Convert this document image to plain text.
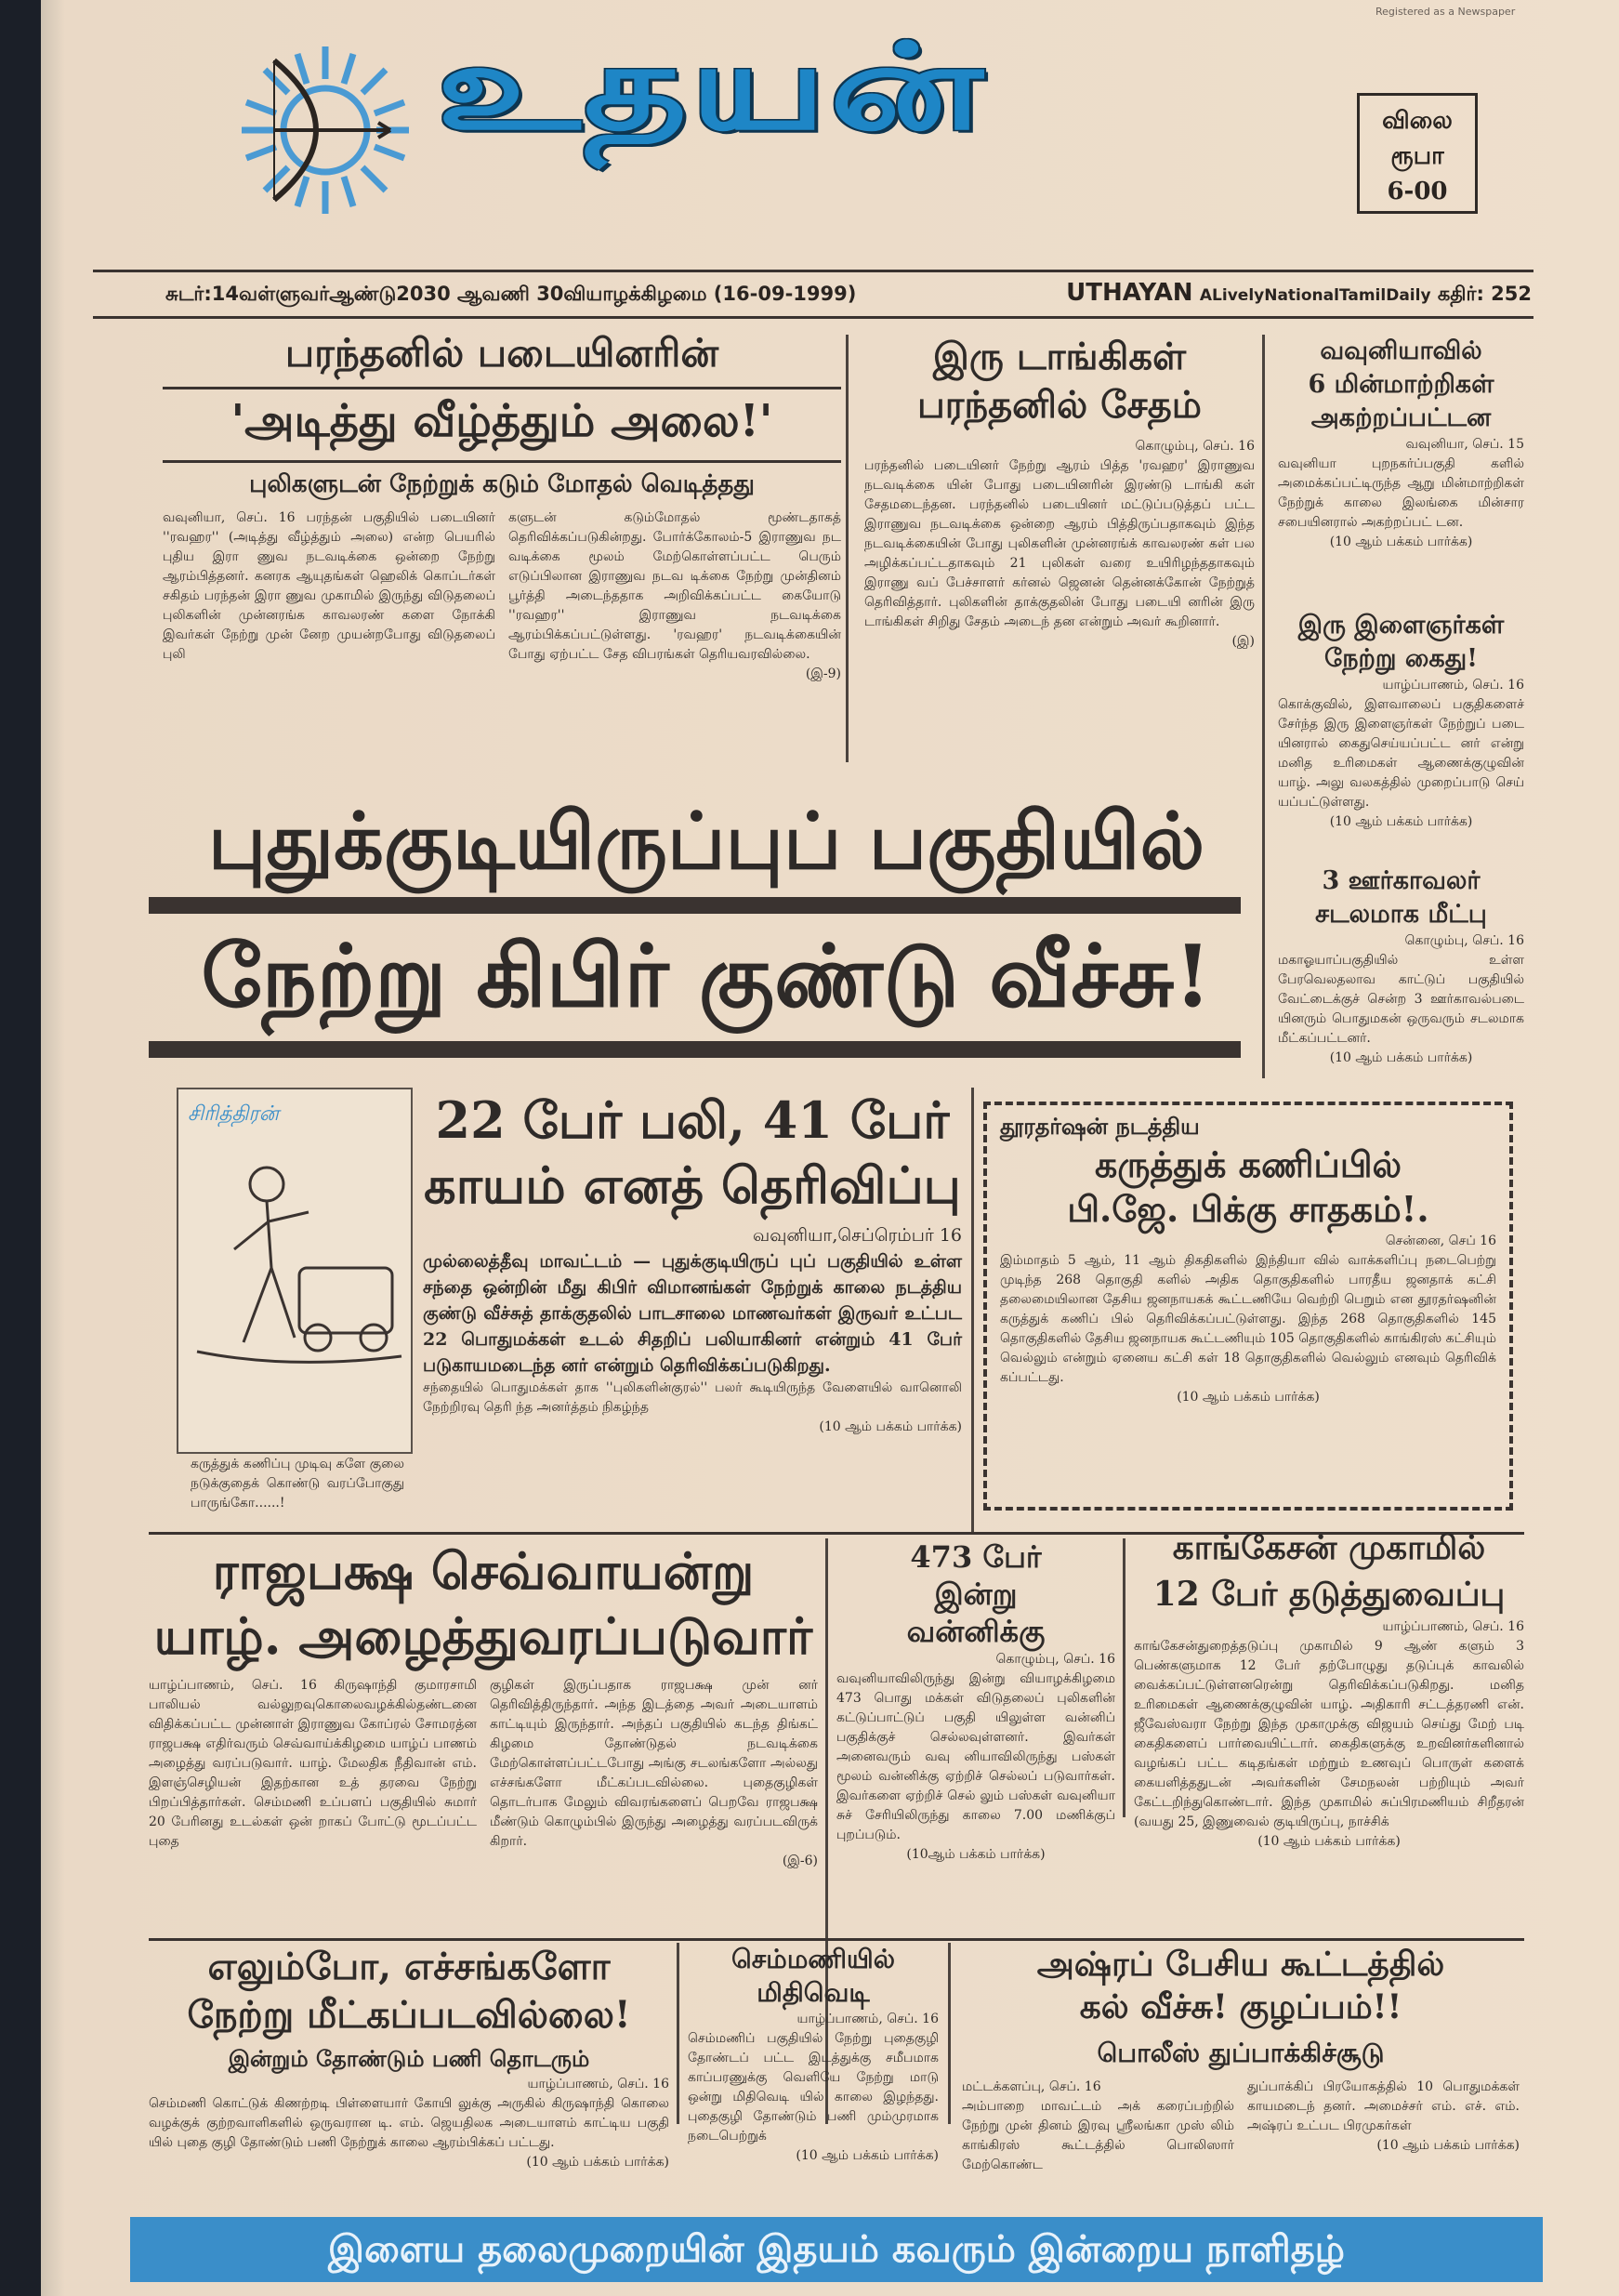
Registered as a Newspaper
உதயன்	விலை
ரூபா
6-00
சுடர்:14வள்ளுவர்ஆண்டு2030 ஆவணி 30வியாழக்கிழமை (16-09-1999)	UTHAYAN ALivelyNationalTamilDaily கதிர்: 252
பரந்தனில் படையினரின்
'அடித்து வீழ்த்தும் அலை!'
புலிகளுடன் நேற்றுக் கடும் மோதல் வெடித்தது
வவுனியா, செப். 16 பரந்தன் பகுதியில் படையினர் ''ரவஹர'' (அடித்து வீழ்த்தும் அலை) என்ற பெயரில் புதிய இரா ணுவ நடவடிக்கை ஒன்றை நேற்று ஆரம்பித்தனர். கனரக ஆயுதங்கள் ஹெலிக் கொப்டர்கள் சகிதம் பரந்தன் இரா ணுவ முகாமில் இருந்து விடுதலைப் புலிகளின் முன்னரங்க காவலரண் களை நோக்கி இவர்கள் நேற்று முன் னேற முயன்றபோது விடுதலைப் புலி
களுடன் கடும்மோதல் மூண்டதாகத் தெரிவிக்கப்படுகின்றது. போர்க்கோலம்-5 இராணுவ நட வடிக்கை மூலம் மேற்கொள்ளப்பட்ட பெரும் எடுப்பிலான இராணுவ நடவ டிக்கை நேற்று முன்தினம் பூர்த்தி அடைந்ததாக அறிவிக்கப்பட்ட கையோடு ''ரவஹர'' இராணுவ நடவடிக்கை ஆரம்பிக்கப்பட்டுள்ளது. 'ரவஹர' நடவடிக்கையின் போது ஏற்பட்ட சேத விபரங்கள் தெரியவரவில்லை.
(இ-9)
இரு டாங்கிகள்
பரந்தனில் சேதம்
கொழும்பு, செப். 16
பரந்தனில் படையினர் நேற்று ஆரம் பித்த 'ரவஹர' இராணுவ நடவடிக்கை யின் போது படையினரின் இரண்டு டாங்கி கள் சேதமடைந்தன. பரந்தனில் படையினர் மட்டுப்படுத்தப் பட்ட இராணுவ நடவடிக்கை ஒன்றை ஆரம் பித்திருப்பதாகவும் இந்த நடவடிக்கையின் போது புலிகளின் முன்னரங்க் காவலரண் கள் பல அழிக்கப்பட்டதாகவும் 21 புலிகள் வரை உயிரிழந்ததாகவும் இராணு வப் பேச்சாளர் கர்னல் ஜெனன் தென்னக்கோன் நேற்றுத் தெரிவித்தார். புலிகளின் தாக்குதலின் போது படையி னரின் இரு டாங்கிகள் சிறிது சேதம் அடைந் தன என்றும் அவர் கூறினார்.
(இ)
வவுனியாவில்
6 மின்மாற்றிகள்
அகற்றப்பட்டன
வவுனியா, செப். 15
வவுனியா புறநகர்ப்பகுதி களில் அமைக்கப்பட்டிருந்த ஆறு மின்மாற்றிகள் நேற்றுக் காலை இலங்கை மின்சார சபையினரால் அகற்றப்பட் டன.
(10 ஆம் பக்கம் பார்க்க)
இரு இளைஞர்கள்
நேற்று கைது!
யாழ்ப்பாணம், செப். 16
கொக்குவில், இளவாலைப் பகுதிகளைச் சேர்ந்த இரு இளைஞர்கள் நேற்றுப் படை யினரால் கைதுசெய்யப்பட்ட னர் என்று மனித உரிமைகள் ஆணைக்குழுவின் யாழ். அலு வலகத்தில் முறைப்பாடு செய் யப்பட்டுள்ளது.
(10 ஆம் பக்கம் பார்க்க)
3 ஊர்காவலர்
சடலமாக மீட்பு
கொழும்பு, செப். 16
மகாஓயாப்பகுதியில் உள்ள பேரவெலதலாவ காட்டுப் பகுதியில் வேட்டைக்குச் சென்ற 3 ஊர்காவல்படை யினரும் பொதுமகன் ஒருவரும் சடலமாக மீட்கப்பட்டனர்.
(10 ஆம் பக்கம் பார்க்க)
புதுக்குடியிருப்புப் பகுதியில்
நேற்று கிபிர் குண்டு வீச்சு!
சிரித்திரன்
கருத்துக் கணிப்பு முடிவு களே குலை நடுக்குதைக் கொண்டு வரப்போகுது பாருங்கோ......!
22 பேர் பலி, 41 பேர்
காயம் எனத் தெரிவிப்பு
வவுனியா,செப்ரெம்பர் 16
முல்லைத்தீவு மாவட்டம் — புதுக்குடியிருப் புப் பகுதியில் உள்ள சந்தை ஒன்றின் மீது கிபிர் விமானங்கள் நேற்றுக் காலை நடத்திய குண்டு வீச்சுத் தாக்குதலில் பாடசாலை மாணவர்கள் இருவர் உட்பட 22 பொதுமக்கள் உடல் சிதறிப் பலியாகினர் என்றும் 41 பேர் படுகாயமடைந்த னர் என்றும் தெரிவிக்கப்படுகிறது.
சந்தையில் பொதுமக்கள் தாக ''புலிகளின்குரல்'' பலர் கூடியிருந்த வேளையில் வானொலி நேற்றிரவு தெரி ந்த அனர்த்தம் நிகழ்ந்த
(10 ஆம் பக்கம் பார்க்க)
தூரதர்ஷன் நடத்திய
கருத்துக் கணிப்பில்
பி.ஜே. பிக்கு சாதகம்!.
சென்னை, செப் 16
இம்மாதம் 5 ஆம், 11 ஆம் திகதிகளில் இந்தியா வில் வாக்களிப்பு நடைபெற்று முடிந்த 268 தொகுதி களில் அதிக தொகுதிகளில் பாரதீய ஜனதாக் கட்சி தலைமையிலான தேசிய ஜனநாயகக் கூட்டணியே வெற்றி பெறும் என தூரதர்ஷனின் கருத்துக் கணிப் பில் தெரிவிக்கப்பட்டுள்ளது. இந்த 268 தொகுதிகளில் 145 தொகுதிகளில் தேசிய ஜனநாயக கூட்டணியும் 105 தொகுதிகளில் காங்கிரஸ் கட்சியும் வெல்லும் என்றும் ஏனைய கட்சி கள் 18 தொகுதிகளில் வெல்லும் எனவும் தெரிவிக் கப்பட்டது.
(10 ஆம் பக்கம் பார்க்க)
ராஜபக்ஷ செவ்வாயன்று
யாழ். அழைத்துவரப்படுவார்
யாழ்ப்பாணம், செப். 16 கிருஷாந்தி குமாரசாமி பாலியல் வல்லுறவுகொலைவழக்கில்தண்டனை விதிக்கப்பட்ட முன்னாள் இராணுவ கோப்ரல் சோமரத்ன ராஜபக்ஷ எதிர்வரும் செவ்வாய்க்கிழமை யாழ்ப் பாணம் அழைத்து வரப்படுவார். யாழ். மேலதிக நீதிவான் எம். இளஞ்செழியன் இதற்கான உத் தரவை நேற்று பிறப்பித்தார்கள். செம்மணி உப்பளப் பகுதியில் சுமார் 20 பேரினது உடல்கள் ஒன் றாகப் போட்டு மூடப்பட்ட புதை
குழிகள் இருப்பதாக ராஜபக்ஷ முன் னர் தெரிவித்திருந்தார். அந்த இடத்தை அவர் அடையாளம் காட்டியும் இருந்தார். அந்தப் பகுதியில் கடந்த திங்கட் கிழமை தோண்டுதல் நடவடிக்கை மேற்கொள்ளப்பட்டபோது அங்கு சடலங்களோ அல்லது எச்சங்களோ மீட்கப்படவில்லை. புதைகுழிகள் தொடர்பாக மேலும் விவரங்களைப் பெறவே ராஜபக்ஷ மீண்டும் கொழும்பில் இருந்து அழைத்து வரப்படவிருக் கிறார்.
(இ-6)
473 பேர்
இன்று
வன்னிக்கு
கொழும்பு, செப். 16
வவுனியாவிலிருந்து இன்று வியாழக்கிழமை 473 பொது மக்கள் விடுதலைப் புலிகளின் கட்டுப்பாட்டுப் பகுதி யிலுள்ள வன்னிப் பகுதிக்குச் செல்லவுள்ளனர். இவர்கள் அனைவரும் வவு னியாவிலிருந்து பஸ்கள் மூலம் வன்னிக்கு ஏற்றிச் செல்லப் படுவார்கள். இவர்களை ஏற்றிச் செல் லும் பஸ்கள் வவுனியா சுச் சேரியிலிருந்து காலை 7.00 மணிக்குப் புறப்படும்.
(10ஆம் பக்கம் பார்க்க)
காங்கேசன் முகாமில்
12 பேர் தடுத்துவைப்பு
யாழ்ப்பாணம், செப். 16
காங்கேசன்துறைத்தடுப்பு முகாமில் 9 ஆண் களும் 3 பெண்களுமாக 12 பேர் தற்போழுது தடுப்புக் காவலில் வைக்கப்பட்டுள்ளனரென்று தெரிவிக்கப்படுகிறது. மனித உரிமைகள் ஆணைக்குழுவின் யாழ். அதிகாரி சட்டத்தரணி என். ஜீவேஸ்வரா நேற்று இந்த முகாமுக்கு விஜயம் செய்து மேற் படி கைதிகளைப் பார்வையிட்டார். கைதிகளுக்கு உறவினர்களினால் வழங்கப் பட்ட கடிதங்கள் மற்றும் உணவுப் பொருள் களைக் கையளித்ததுடன் அவர்களின் சேமநலன் பற்றியும் அவர் கேட்டறிந்துகொண்டார். இந்த முகாமில் சுப்பிரமணியம் சிறீதரன் (வயது 25, இணுவைல் குடியிருப்பு, நாச்சிக்
(10 ஆம் பக்கம் பார்க்க)
எலும்போ, எச்சங்களோ
நேற்று மீட்கப்படவில்லை!
இன்றும் தோண்டும் பணி தொடரும்
யாழ்ப்பாணம், செப். 16
செம்மணி கொட்டுக் கிணற்றடி பிள்ளையார் கோயி லுக்கு அருகில் கிருஷாந்தி கொலை வழக்குக் குற்றவாளிகளில் ஒருவரான டி. எம். ஜெயதிலக அடையாளம் காட்டிய பகுதி யில் புதை குழி தோண்டும் பணி நேற்றுக் காலை ஆரம்பிக்கப் பட்டது.
(10 ஆம் பக்கம் பார்க்க)
செம்மணியில்
மிதிவெடி
யாழ்ப்பாணம், செப். 16
செம்மணிப் பகுதியில் நேற்று புதைகுழி தோண்டப் பட்ட இடத்துக்கு சமீபமாக காப்பரணுக்கு வெளியே நேற்று மாடு ஒன்று மிதிவெடி யில் காலை இழந்தது. புதைகுழி தோண்டும் பணி மும்முரமாக நடைபெற்றுக்
(10 ஆம் பக்கம் பார்க்க)
அஷ்ரப் பேசிய கூட்டத்தில்
கல் வீச்சு! குழப்பம்!!
பொலீஸ் துப்பாக்கிச்சூடு
மட்டக்களப்பு, செப். 16
அம்பாறை மாவட்டம் அக் கரைப்பற்றில் நேற்று முன் தினம் இரவு ஸ்ரீலங்கா முஸ் லிம் காங்கிரஸ் கூட்டத்தில் பொலிஸார் மேற்கொண்ட
துப்பாக்கிப் பிரயோகத்தில் 10 பொதுமக்கள் காயமடைந் தனர். அமைச்சர் எம். எச். எம். அஷ்ரப் உட்பட பிரமுகர்கள்
(10 ஆம் பக்கம் பார்க்க)
இளைய தலைமுறையின் இதயம் கவரும் இன்றைய நாளிதழ்
